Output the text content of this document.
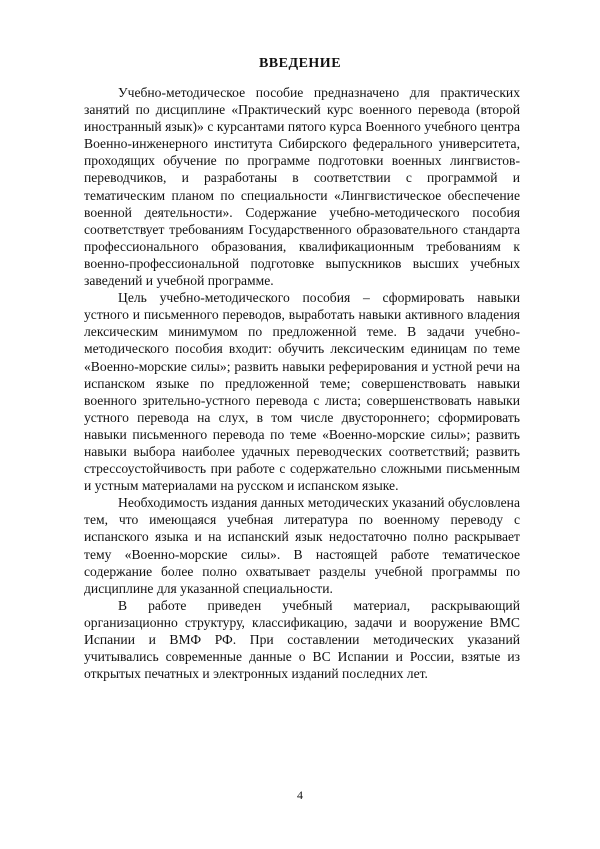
ВВЕДЕНИЕ

Учебно-методическое пособие предназначено для практических занятий по дисциплине «Практический курс военного перевода (второй иностранный язык)» с курсантами пятого курса Военного учебного центра Военно-инженерного института Сибирского федерального университета, проходящих обучение по программе подготовки военных лингвистов-переводчиков, и разработаны в соответствии с программой и тематическим планом по специальности «Лингвистическое обеспечение военной деятельности». Содержание учебно-методического пособия соответствует требованиям Государственного образовательного стандарта профессионального образования, квалификационным требованиям к военно-профессиональной подготовке выпускников высших учебных заведений и учебной программе.

Цель учебно-методического пособия – сформировать навыки устного и письменного переводов, выработать навыки активного владения лексическим минимумом по предложенной теме. В задачи учебно-методического пособия входит: обучить лексическим единицам по теме «Военно-морские силы»; развить навыки реферирования и устной речи на испанском языке по предложенной теме; совершенствовать навыки военного зрительно-устного перевода с листа; совершенствовать навыки устного перевода на слух, в том числе двустороннего; сформировать навыки письменного перевода по теме «Военно-морские силы»; развить навыки выбора наиболее удачных переводческих соответствий; развить стрессоустойчивость при работе с содержательно сложными письменным и устным материалами на русском и испанском языке.

Необходимость издания данных методических указаний обусловлена тем, что имеющаяся учебная литература по военному переводу с испанского языка и на испанский язык недостаточно полно раскрывает тему «Военно-морские силы». В настоящей работе тематическое содержание более полно охватывает разделы учебной программы по дисциплине для указанной специальности.

В работе приведен учебный материал, раскрывающий организационно структуру, классификацию, задачи и вооружение ВМС Испании и ВМФ РФ. При составлении методических указаний учитывались современные данные о ВС Испании и России, взятые из открытых печатных и электронных изданий последних лет.

4
